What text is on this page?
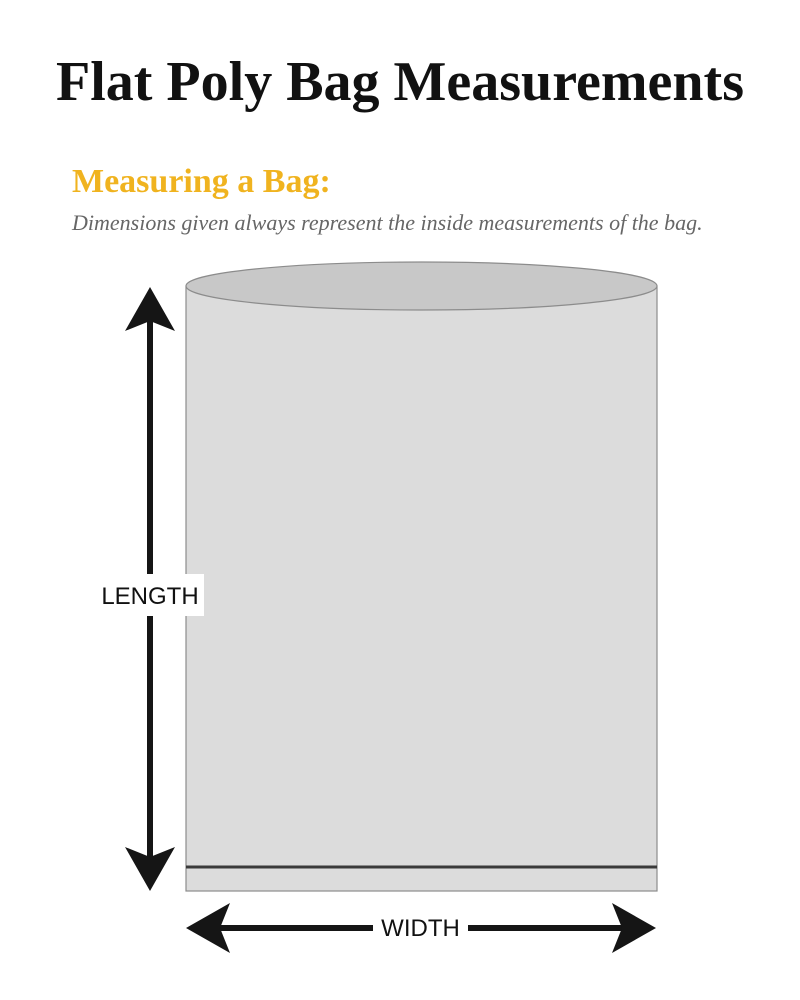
Flat Poly Bag Measurements
Measuring a Bag:
Dimensions given always represent the inside measurements of the bag.
LENGTH
WIDTH
